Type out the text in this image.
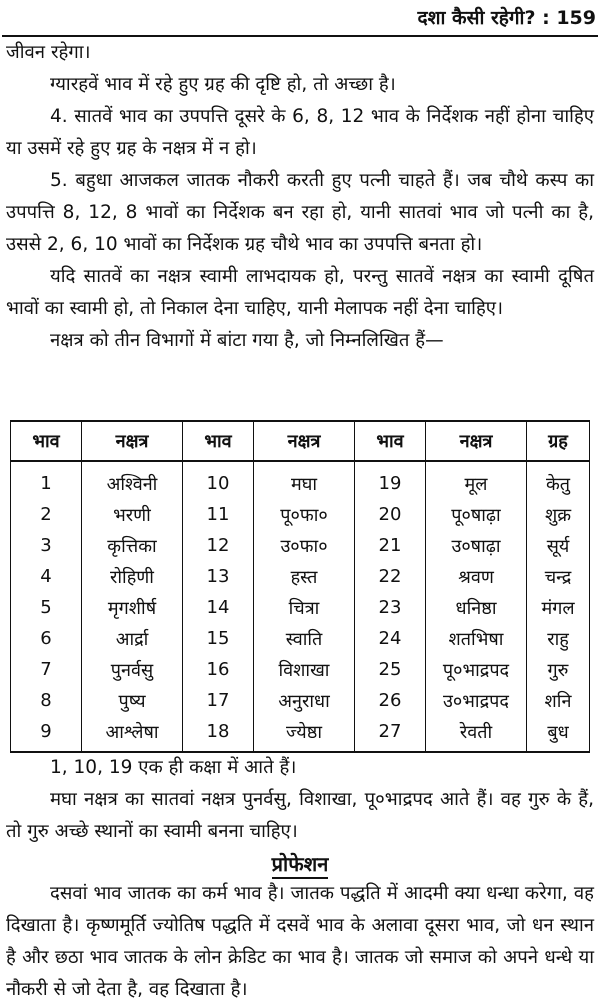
दशा कैसी रहेगी? : 159

जीवन रहेगा।

ग्यारहवें भाव में रहे हुए ग्रह की दृष्टि हो, तो अच्छा है।

4. सातवें भाव का उपपत्ति दूसरे के 6, 8, 12 भाव के निर्देशक नहीं होना चाहिए या उसमें रहे हुए ग्रह के नक्षत्र में न हो।

5. बहुधा आजकल जातक नौकरी करती हुए पत्नी चाहते हैं। जब चौथे कस्प का उपपत्ति 8, 12, 8 भावों का निर्देशक बन रहा हो, यानी सातवां भाव जो पत्नी का है, उससे 2, 6, 10 भावों का निर्देशक ग्रह चौथे भाव का उपपत्ति बनता हो।

यदि सातवें का नक्षत्र स्वामी लाभदायक हो, परन्तु सातवें नक्षत्र का स्वामी दूषित भावों का स्वामी हो, तो निकाल देना चाहिए, यानी मेलापक नहीं देना चाहिए।

नक्षत्र को तीन विभागों में बांटा गया है, जो निम्नलिखित हैं—

भाव	नक्षत्र	भाव	नक्षत्र	भाव	नक्षत्र	ग्रह
1	अश्विनी	10	मघा	19	मूल	केतु
2	भरणी	11	पू०फा०	20	पू०षाढ़ा	शुक्र
3	कृत्तिका	12	उ०फा०	21	उ०षाढ़ा	सूर्य
4	रोहिणी	13	हस्त	22	श्रवण	चन्द्र
5	मृगशीर्ष	14	चित्रा	23	धनिष्ठा	मंगल
6	आर्द्रा	15	स्वाति	24	शतभिषा	राहु
7	पुनर्वसु	16	विशाखा	25	पू०भाद्रपद	गुरु
8	पुष्य	17	अनुराधा	26	उ०भाद्रपद	शनि
9	आश्लेषा	18	ज्येष्ठा	27	रेवती	बुध

1, 10, 19 एक ही कक्षा में आते हैं।

मघा नक्षत्र का सातवां नक्षत्र पुनर्वसु, विशाखा, पू०भाद्रपद आते हैं। वह गुरु के हैं, तो गुरु अच्छे स्थानों का स्वामी बनना चाहिए।

प्रोफेशन

दसवां भाव जातक का कर्म भाव है। जातक पद्धति में आदमी क्या धन्धा करेगा, वह दिखाता है। कृष्णमूर्ति ज्योतिष पद्धति में दसवें भाव के अलावा दूसरा भाव, जो धन स्थान है और छठा भाव जातक के लोन क्रेडिट का भाव है। जातक जो समाज को अपने धन्धे या नौकरी से जो देता है, वह दिखाता है।
